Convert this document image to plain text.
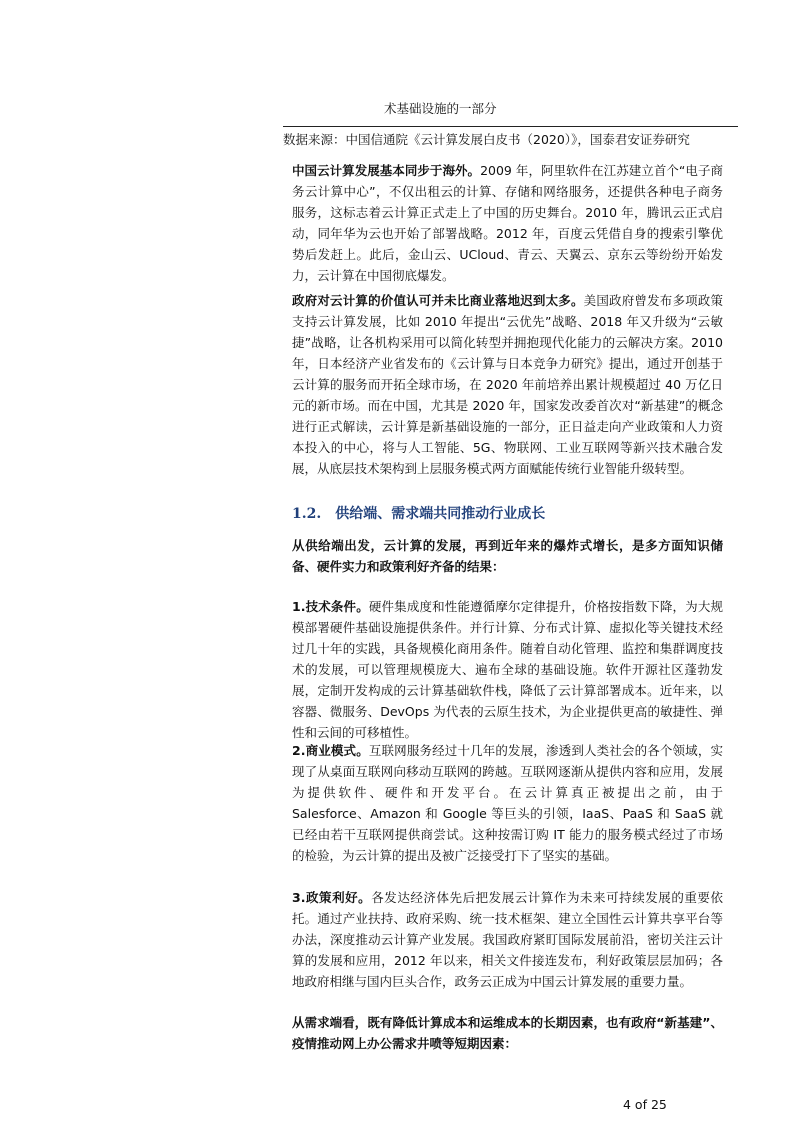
术基础设施的一部分
数据来源：中国信通院《云计算发展白皮书（2020）》，国泰君安证券研究

中国云计算发展基本同步于海外。2009 年，阿里软件在江苏建立首个“电子商务云计算中心”，不仅出租云的计算、存储和网络服务，还提供各种电子商务服务，这标志着云计算正式走上了中国的历史舞台。2010 年，腾讯云正式启动，同年华为云也开始了部署战略。2012 年，百度云凭借自身的搜索引擎优势后发赶上。此后，金山云、UCloud、青云、天翼云、京东云等纷纷开始发力，云计算在中国彻底爆发。

政府对云计算的价值认可并未比商业落地迟到太多。美国政府曾发布多项政策支持云计算发展，比如 2010 年提出“云优先”战略、2018 年又升级为“云敏捷”战略，让各机构采用可以简化转型并拥抱现代化能力的云解决方案。2010 年，日本经济产业省发布的《云计算与日本竞争力研究》提出，通过开创基于云计算的服务而开拓全球市场，在 2020 年前培养出累计规模超过 40 万亿日元的新市场。而在中国，尤其是 2020 年，国家发改委首次对“新基建”的概念进行正式解读，云计算是新基础设施的一部分，正日益走向产业政策和人力资本投入的中心，将与人工智能、5G、物联网、工业互联网等新兴技术融合发展，从底层技术架构到上层服务模式两方面赋能传统行业智能升级转型。

1.2. 供给端、需求端共同推动行业成长

从供给端出发，云计算的发展，再到近年来的爆炸式增长，是多方面知识储备、硬件实力和政策利好齐备的结果：

1.技术条件。硬件集成度和性能遵循摩尔定律提升，价格按指数下降，为大规模部署硬件基础设施提供条件。并行计算、分布式计算、虚拟化等关键技术经过几十年的实践，具备规模化商用条件。随着自动化管理、监控和集群调度技术的发展，可以管理规模庞大、遍布全球的基础设施。软件开源社区蓬勃发展，定制开发构成的云计算基础软件栈，降低了云计算部署成本。近年来，以容器、微服务、DevOps 为代表的云原生技术，为企业提供更高的敏捷性、弹性和云间的可移植性。

2.商业模式。互联网服务经过十几年的发展，渗透到人类社会的各个领域，实现了从桌面互联网向移动互联网的跨越。互联网逐渐从提供内容和应用，发展为提供软件、硬件和开发平台。在云计算真正被提出之前，由于 Salesforce、Amazon 和 Google 等巨头的引领，IaaS、PaaS 和 SaaS 就已经由若干互联网提供商尝试。这种按需订购 IT 能力的服务模式经过了市场的检验，为云计算的提出及被广泛接受打下了坚实的基础。

3.政策利好。各发达经济体先后把发展云计算作为未来可持续发展的重要依托。通过产业扶持、政府采购、统一技术框架、建立全国性云计算共享平台等办法，深度推动云计算产业发展。我国政府紧盯国际发展前沿，密切关注云计算的发展和应用，2012 年以来，相关文件接连发布，利好政策层层加码；各地政府相继与国内巨头合作，政务云正成为中国云计算发展的重要力量。

从需求端看，既有降低计算成本和运维成本的长期因素，也有政府“新基建”、疫情推动网上办公需求井喷等短期因素：

4 of 25
